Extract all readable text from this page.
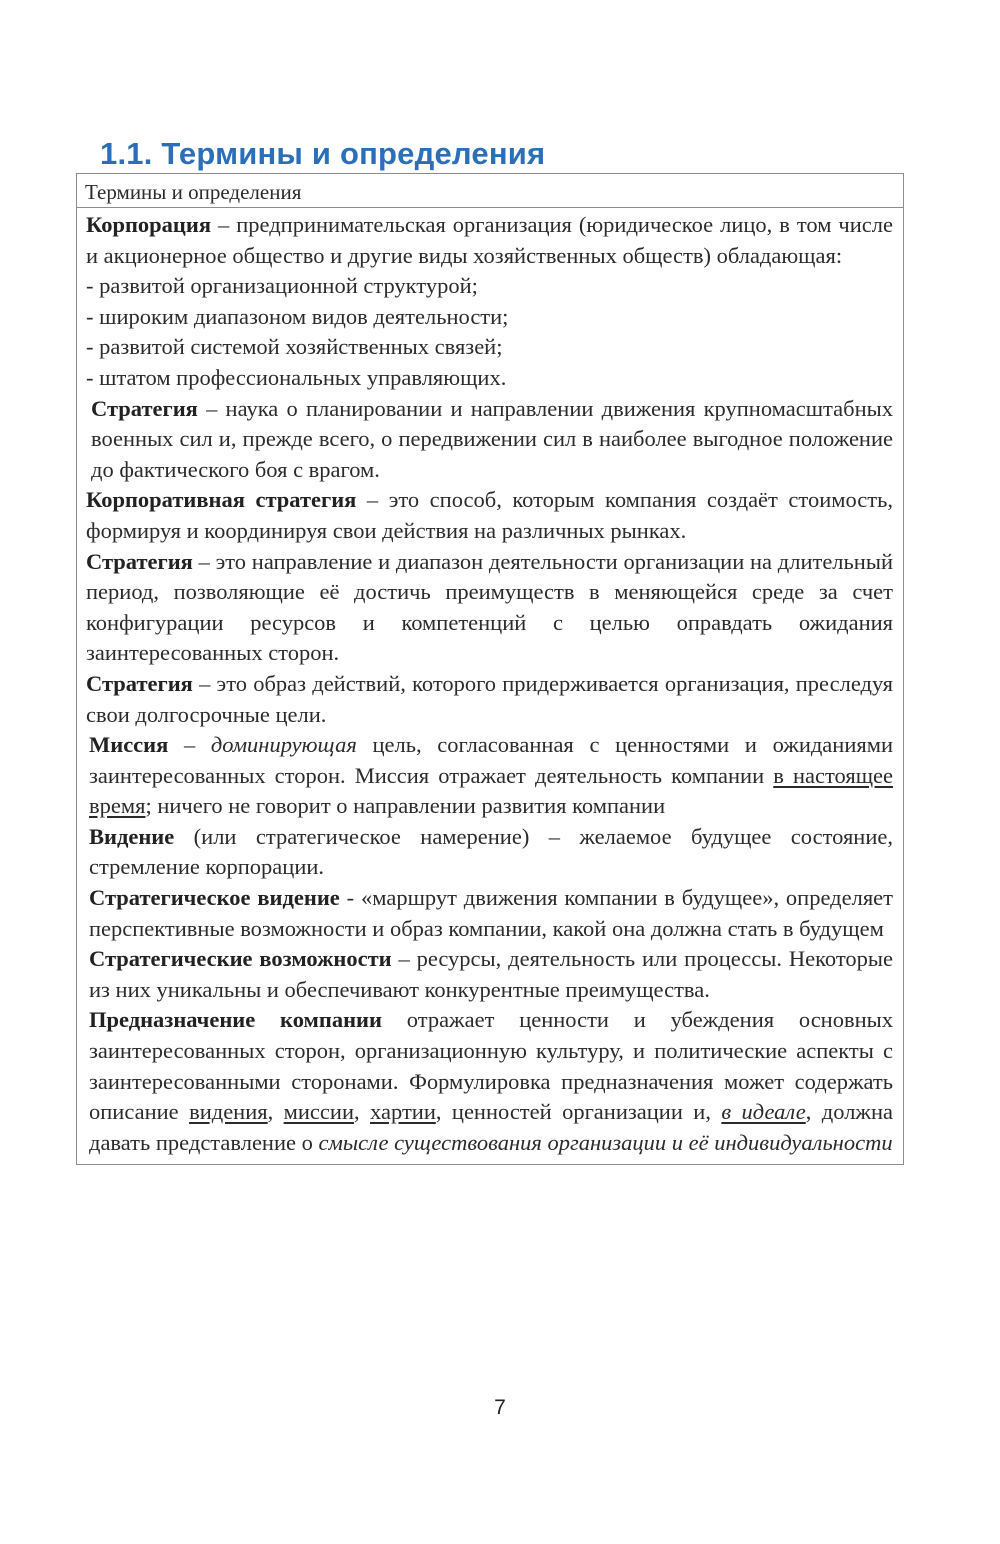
1.1. Термины и определения
Термины и определения

Корпорация – предпринимательская организация (юридическое лицо, в том числе и акционерное общество и другие виды хозяйственных обществ) обладающая:
- развитой организационной структурой;
- широким диапазоном видов деятельности;
- развитой системой хозяйственных связей;
- штатом профессиональных управляющих.

Стратегия – наука о планировании и направлении движения крупномасштабных военных сил и, прежде всего, о передвижении сил в наиболее выгодное положение до фактического боя с врагом.

Корпоративная стратегия – это способ, которым компания создаёт стоимость, формируя и координируя свои действия на различных рынках.

Стратегия – это направление и диапазон деятельности организации на длительный период, позволяющие её достичь преимуществ в меняющейся среде за счет конфигурации ресурсов и компетенций с целью оправдать ожидания заинтересованных сторон.

Стратегия – это образ действий, которого придерживается организация, преследуя свои долгосрочные цели.

Миссия – доминирующая цель, согласованная с ценностями и ожиданиями заинтересованных сторон. Миссия отражает деятельность компании в настоящее время; ничего не говорит о направлении развития компании

Видение (или стратегическое намерение) – желаемое будущее состояние, стремление корпорации.

Стратегическое видение - «маршрут движения компании в будущее», определяет перспективные возможности и образ компании, какой она должна стать в будущем

Стратегические возможности – ресурсы, деятельность или процессы. Некоторые из них уникальны и обеспечивают конкурентные преимущества.

Предназначение компании отражает ценности и убеждения основных заинтересованных сторон, организационную культуру, и политические аспекты с заинтересованными сторонами. Формулировка предназначения может содержать описание видения, миссии, хартии, ценностей организации и, в идеале, должна давать представление о смысле существования организации и её индивидуальности

7
